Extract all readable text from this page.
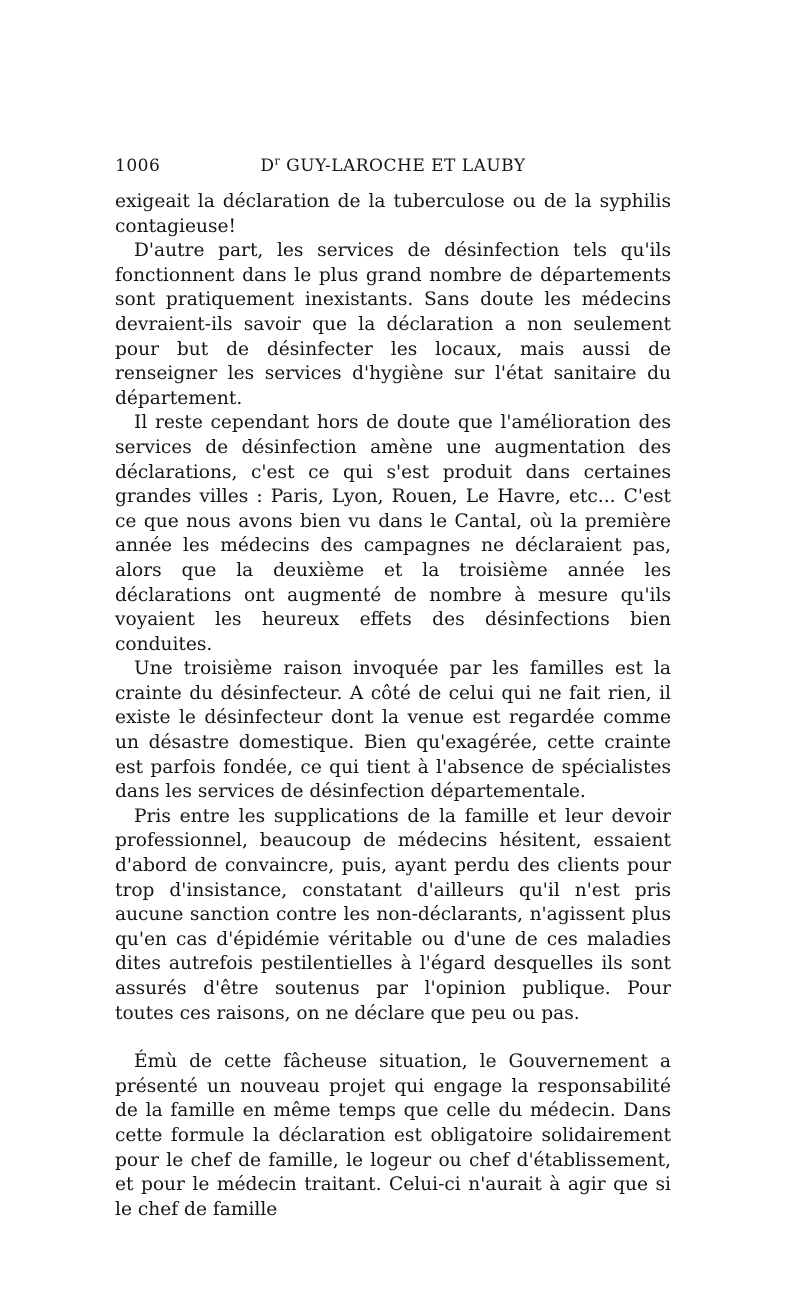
1006	$D^r$ GUY-LAROCHE ET LAUBY

exigeait la déclaration de la tuberculose ou de la syphilis contagieuse!

D'autre part, les services de désinfection tels qu'ils fonctionnent dans le plus grand nombre de départements sont pratiquement inexistants. Sans doute les médecins devraient-ils savoir que la déclaration a non seulement pour but de désinfecter les locaux, mais aussi de renseigner les services d'hygiène sur l'état sanitaire du département.

Il reste cependant hors de doute que l'amélioration des services de désinfection amène une augmentation des déclarations, c'est ce qui s'est produit dans certaines grandes villes : Paris, Lyon, Rouen, Le Havre, etc... C'est ce que nous avons bien vu dans le Cantal, où la première année les médecins des campagnes ne déclaraient pas, alors que la deuxième et la troisième année les déclarations ont augmenté de nombre à mesure qu'ils voyaient les heureux effets des désinfections bien conduites.

Une troisième raison invoquée par les familles est la crainte du désinfecteur. A côté de celui qui ne fait rien, il existe le désinfecteur dont la venue est regardée comme un désastre domestique. Bien qu'exagérée, cette crainte est parfois fondée, ce qui tient à l'absence de spécialistes dans les services de désinfection départementale.

Pris entre les supplications de la famille et leur devoir professionnel, beaucoup de médecins hésitent, essaient d'abord de convaincre, puis, ayant perdu des clients pour trop d'insistance, constatant d'ailleurs qu'il n'est pris aucune sanction contre les non-déclarants, n'agissent plus qu'en cas d'épidémie véritable ou d'une de ces maladies dites autrefois pestilentielles à l'égard desquelles ils sont assurés d'être soutenus par l'opinion publique. Pour toutes ces raisons, on ne déclare que peu ou pas.

Émù de cette fâcheuse situation, le Gouvernement a présenté un nouveau projet qui engage la responsabilité de la famille en même temps que celle du médecin. Dans cette formule la déclaration est obligatoire solidairement pour le chef de famille, le logeur ou chef d'établissement, et pour le médecin traitant. Celui-ci n'aurait à agir que si le chef de famille
